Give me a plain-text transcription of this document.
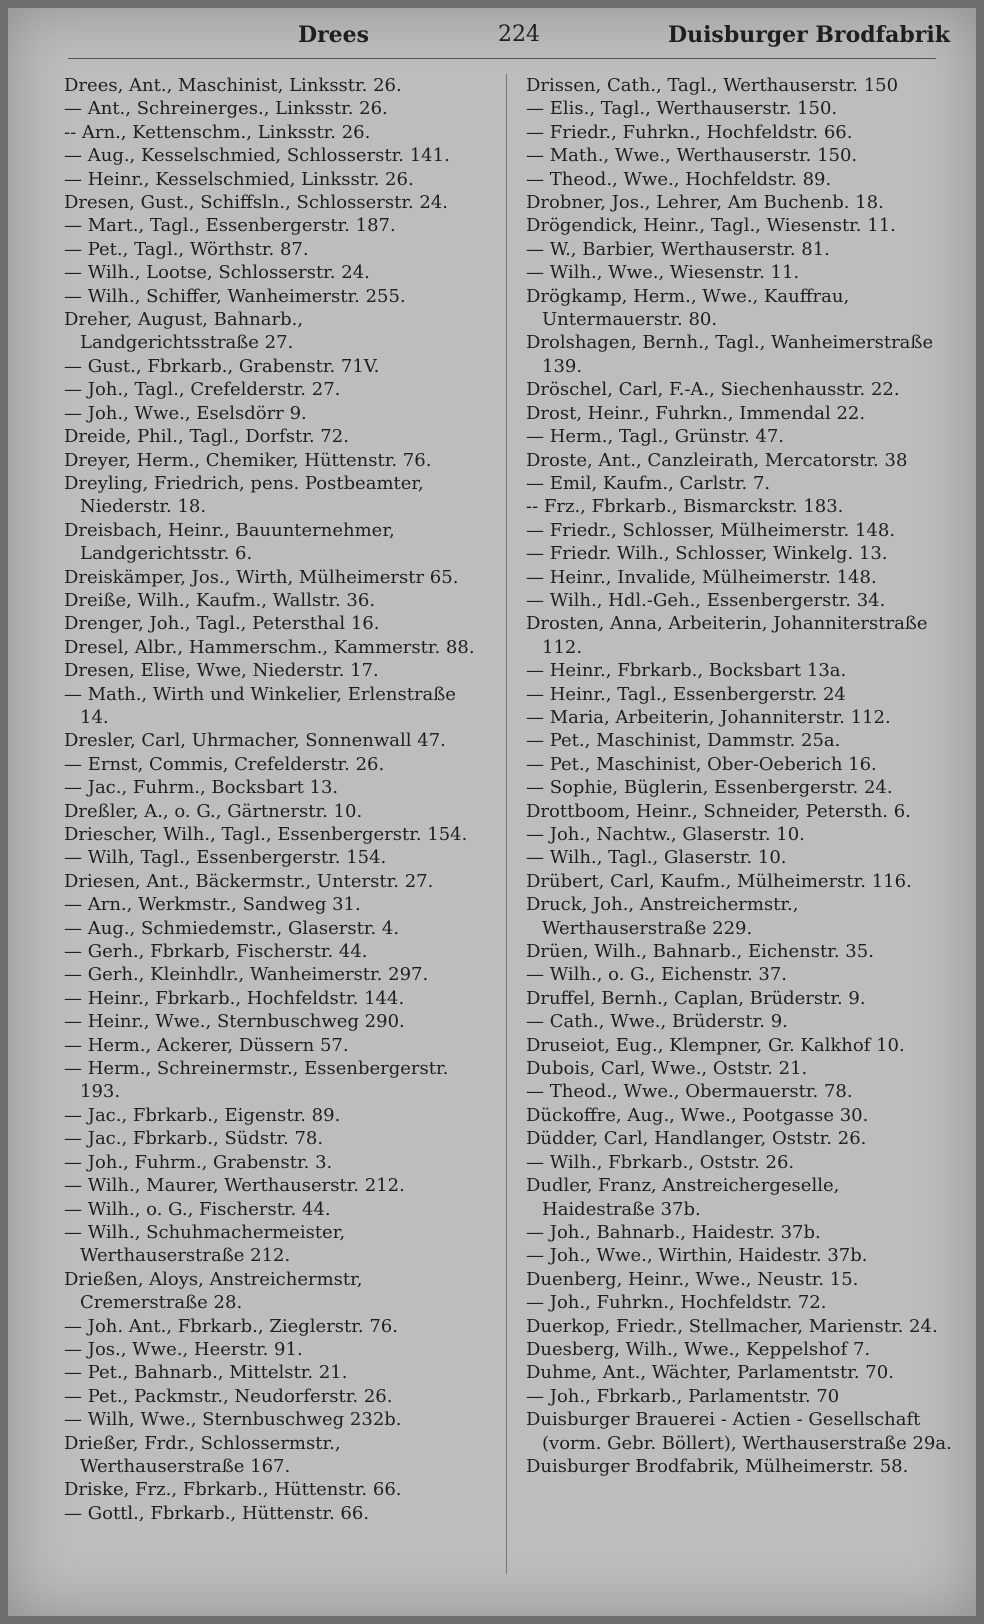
Drees	224	Duisburger Brodfabrik
Drees, Ant., Maschinist, Linksstr. 26.
— Ant., Schreinerges., Linksstr. 26.
-- Arn., Kettenschm., Linksstr. 26.
— Aug., Kesselschmied, Schlosserstr. 141.
— Heinr., Kesselschmied, Linksstr. 26.
Dresen, Gust., Schiffsln., Schlosserstr. 24.
— Mart., Tagl., Essenbergerstr. 187.
— Pet., Tagl., Wörthstr. 87.
— Wilh., Lootse, Schlosserstr. 24.
— Wilh., Schiffer, Wanheimerstr. 255.
Dreher, August, Bahnarb., Landgerichtsstraße 27.
— Gust., Fbrkarb., Grabenstr. 71V.
— Joh., Tagl., Crefelderstr. 27.
— Joh., Wwe., Eselsdörr 9.
Dreide, Phil., Tagl., Dorfstr. 72.
Dreyer, Herm., Chemiker, Hüttenstr. 76.
Dreyling, Friedrich, pens. Postbeamter, Niederstr. 18.
Dreisbach, Heinr., Bauunternehmer, Landgerichtsstr. 6.
Dreiskämper, Jos., Wirth, Mülheimerstr 65.
Dreiße, Wilh., Kaufm., Wallstr. 36.
Drenger, Joh., Tagl., Petersthal 16.
Dresel, Albr., Hammerschm., Kammerstr. 88.
Dresen, Elise, Wwe, Niederstr. 17.
— Math., Wirth und Winkelier, Erlenstraße 14.
Dresler, Carl, Uhrmacher, Sonnenwall 47.
— Ernst, Commis, Crefelderstr. 26.
— Jac., Fuhrm., Bocksbart 13.
Dreßler, A., o. G., Gärtnerstr. 10.
Driescher, Wilh., Tagl., Essenbergerstr. 154.
— Wilh, Tagl., Essenbergerstr. 154.
Driesen, Ant., Bäckermstr., Unterstr. 27.
— Arn., Werkmstr., Sandweg 31.
— Aug., Schmiedemstr., Glaserstr. 4.
— Gerh., Fbrkarb, Fischerstr. 44.
— Gerh., Kleinhdlr., Wanheimerstr. 297.
— Heinr., Fbrkarb., Hochfeldstr. 144.
— Heinr., Wwe., Sternbuschweg 290.
— Herm., Ackerer, Düssern 57.
— Herm., Schreinermstr., Essenbergerstr. 193.
— Jac., Fbrkarb., Eigenstr. 89.
— Jac., Fbrkarb., Südstr. 78.
— Joh., Fuhrm., Grabenstr. 3.
— Wilh., Maurer, Werthauserstr. 212.
— Wilh., o. G., Fischerstr. 44.
— Wilh., Schuhmachermeister, Werthauserstraße 212.
Drießen, Aloys, Anstreichermstr, Cremerstraße 28.
— Joh. Ant., Fbrkarb., Zieglerstr. 76.
— Jos., Wwe., Heerstr. 91.
— Pet., Bahnarb., Mittelstr. 21.
— Pet., Packmstr., Neudorferstr. 26.
— Wilh, Wwe., Sternbuschweg 232b.
Drießer, Frdr., Schlossermstr., Werthauserstraße 167.
Driske, Frz., Fbrkarb., Hüttenstr. 66.
— Gottl., Fbrkarb., Hüttenstr. 66.
Drissen, Cath., Tagl., Werthauserstr. 150
— Elis., Tagl., Werthauserstr. 150.
— Friedr., Fuhrkn., Hochfeldstr. 66.
— Math., Wwe., Werthauserstr. 150.
— Theod., Wwe., Hochfeldstr. 89.
Drobner, Jos., Lehrer, Am Buchenb. 18.
Drögendick, Heinr., Tagl., Wiesenstr. 11.
— W., Barbier, Werthauserstr. 81.
— Wilh., Wwe., Wiesenstr. 11.
Drögkamp, Herm., Wwe., Kauffrau, Untermauerstr. 80.
Drolshagen, Bernh., Tagl., Wanheimerstraße 139.
Dröschel, Carl, F.-A., Siechenhausstr. 22.
Drost, Heinr., Fuhrkn., Immendal 22.
— Herm., Tagl., Grünstr. 47.
Droste, Ant., Canzleirath, Mercatorstr. 38
— Emil, Kaufm., Carlstr. 7.
-- Frz., Fbrkarb., Bismarckstr. 183.
— Friedr., Schlosser, Mülheimerstr. 148.
— Friedr. Wilh., Schlosser, Winkelg. 13.
— Heinr., Invalide, Mülheimerstr. 148.
— Wilh., Hdl.-Geh., Essenbergerstr. 34.
Drosten, Anna, Arbeiterin, Johanniterstraße 112.
— Heinr., Fbrkarb., Bocksbart 13a.
— Heinr., Tagl., Essenbergerstr. 24
— Maria, Arbeiterin, Johanniterstr. 112.
— Pet., Maschinist, Dammstr. 25a.
— Pet., Maschinist, Ober-Oeberich 16.
— Sophie, Büglerin, Essenbergerstr. 24.
Drottboom, Heinr., Schneider, Petersth. 6.
— Joh., Nachtw., Glaserstr. 10.
— Wilh., Tagl., Glaserstr. 10.
Drübert, Carl, Kaufm., Mülheimerstr. 116.
Druck, Joh., Anstreichermstr., Werthauserstraße 229.
Drüen, Wilh., Bahnarb., Eichenstr. 35.
— Wilh., o. G., Eichenstr. 37.
Druffel, Bernh., Caplan, Brüderstr. 9.
— Cath., Wwe., Brüderstr. 9.
Druseiot, Eug., Klempner, Gr. Kalkhof 10.
Dubois, Carl, Wwe., Oststr. 21.
— Theod., Wwe., Obermauerstr. 78.
Dückoffre, Aug., Wwe., Pootgasse 30.
Düdder, Carl, Handlanger, Oststr. 26.
— Wilh., Fbrkarb., Oststr. 26.
Dudler, Franz, Anstreichergeselle, Haidestraße 37b.
— Joh., Bahnarb., Haidestr. 37b.
— Joh., Wwe., Wirthin, Haidestr. 37b.
Duenberg, Heinr., Wwe., Neustr. 15.
— Joh., Fuhrkn., Hochfeldstr. 72.
Duerkop, Friedr., Stellmacher, Marienstr. 24.
Duesberg, Wilh., Wwe., Keppelshof 7.
Duhme, Ant., Wächter, Parlamentstr. 70.
— Joh., Fbrkarb., Parlamentstr. 70
Duisburger Brauerei - Actien - Gesellschaft (vorm. Gebr. Böllert), Werthauserstraße 29a.
Duisburger Brodfabrik, Mülheimerstr. 58.
